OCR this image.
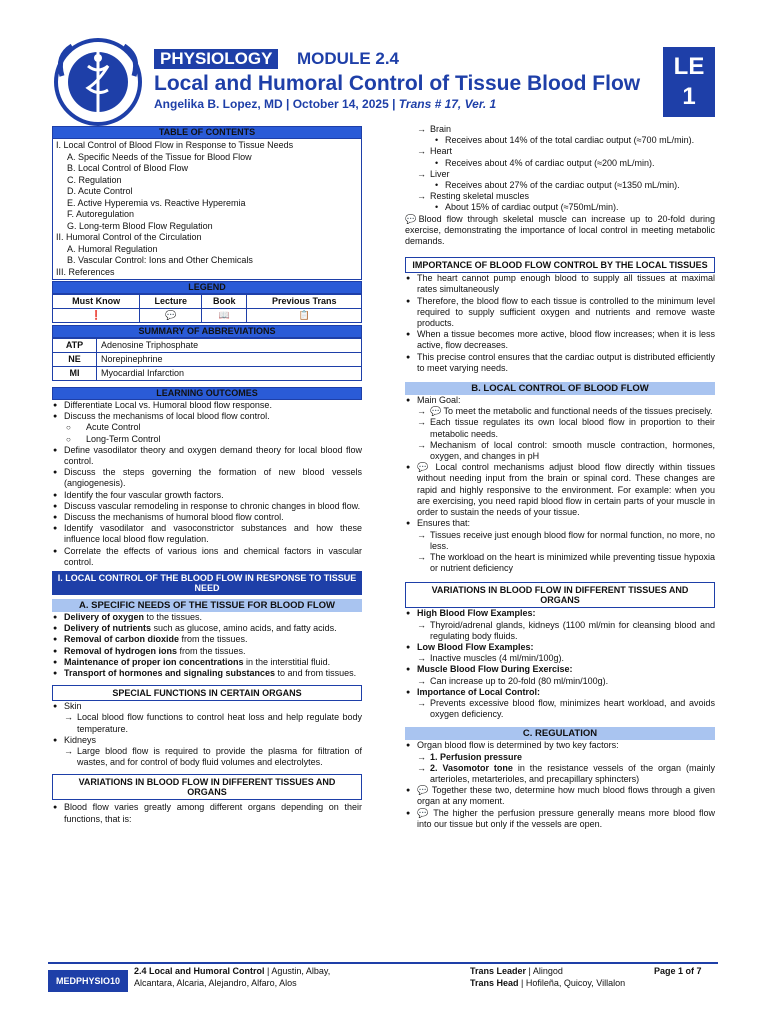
PHYSIOLOGY	MODULE 2.4
Local and Humoral Control of Tissue Blood Flow
Angelika B. Lopez, MD | October 14, 2025 | Trans # 17, Ver. 1
LE
1
TABLE OF CONTENTS
I. Local Control of Blood Flow in Response to Tissue Needs
A. Specific Needs of the Tissue for Blood Flow
B. Local Control of Blood Flow
C. Regulation
D. Acute Control
E. Active Hyperemia vs. Reactive Hyperemia
F. Autoregulation
G. Long-term Blood Flow Regulation
II. Humoral Control of the Circulation
A. Humoral Regulation
B. Vascular Control: Ions and Other Chemicals
III. References
LEGEND
Must Know	Lecture	Book	Previous Trans
❗	💬	📖	📋
SUMMARY OF ABBREVIATIONS
ATP	Adenosine Triphosphate
NE	Norepinephrine
MI	Myocardial Infarction
LEARNING OUTCOMES
● Differentiate Local vs. Humoral blood flow response.
● Discuss the mechanisms of local blood flow control.
○ Acute Control
○ Long-Term Control
● Define vasodilator theory and oxygen demand theory for local blood flow control.
● Discuss the steps governing the formation of new blood vessels (angiogenesis).
● Identify the four vascular growth factors.
● Discuss vascular remodeling in response to chronic changes in blood flow.
● Discuss the mechanisms of humoral blood flow control.
● Identify vasodilator and vasoconstrictor substances and how these influence local blood flow regulation.
● Correlate the effects of various ions and chemical factors in vascular control.
I. LOCAL CONTROL OF THE BLOOD FLOW IN RESPONSE TO TISSUE NEED
A. SPECIFIC NEEDS OF THE TISSUE FOR BLOOD FLOW
● Delivery of oxygen to the tissues.
● Delivery of nutrients such as glucose, amino acids, and fatty acids.
● Removal of carbon dioxide from the tissues.
● Removal of hydrogen ions from the tissues.
● Maintenance of proper ion concentrations in the interstitial fluid.
● Transport of hormones and signaling substances to and from tissues.
SPECIAL FUNCTIONS IN CERTAIN ORGANS
● Skin
→ Local blood flow functions to control heat loss and help regulate body temperature.
● Kidneys
→ Large blood flow is required to provide the plasma for filtration of wastes, and for control of body fluid volumes and electrolytes.
VARIATIONS IN BLOOD FLOW IN DIFFERENT TISSUES AND ORGANS
● Blood flow varies greatly among different organs depending on their functions, that is:
→ Brain
• Receives about 14% of the total cardiac output (≈700 mL/min).
→ Heart
• Receives about 4% of cardiac output (≈200 mL/min).
→ Liver
• Receives about 27% of the cardiac output (≈1350 mL/min).
→ Resting skeletal muscles
• About 15% of cardiac output (≈750mL/min).
💬Blood flow through skeletal muscle can increase up to 20-fold during exercise, demonstrating the importance of local control in meeting metabolic demands.
IMPORTANCE OF BLOOD FLOW CONTROL BY THE LOCAL TISSUES
● The heart cannot pump enough blood to supply all tissues at maximal rates simultaneously
● Therefore, the blood flow to each tissue is controlled to the minimum level required to supply sufficient oxygen and nutrients and remove waste products.
● When a tissue becomes more active, blood flow increases; when it is less active, flow decreases.
● This precise control ensures that the cardiac output is distributed efficiently to meet varying needs.
B. LOCAL CONTROL OF BLOOD FLOW
● Main Goal:
→ 💬 To meet the metabolic and functional needs of the tissues precisely.
→ Each tissue regulates its own local blood flow in proportion to their metabolic needs.
→ Mechanism of local control: smooth muscle contraction, hormones, oxygen, and changes in pH
● 💬 Local control mechanisms adjust blood flow directly within tissues without needing input from the brain or spinal cord. These changes are rapid and highly responsive to the environment. For example: when you are exercising, you need rapid blood flow in certain parts of your muscle in order to sustain the needs of your tissue.
● Ensures that:
→ Tissues receive just enough blood flow for normal function, no more, no less.
→ The workload on the heart is minimized while preventing tissue hypoxia or nutrient deficiency
VARIATIONS IN BLOOD FLOW IN DIFFERENT TISSUES AND ORGANS
● High Blood Flow Examples:
→ Thyroid/adrenal glands, kidneys (1100 ml/min for cleansing blood and regulating body fluids.
● Low Blood Flow Examples:
→ Inactive muscles (4 ml/min/100g).
● Muscle Blood Flow During Exercise:
→ Can increase up to 20-fold (80 ml/min/100g).
● Importance of Local Control:
→ Prevents excessive blood flow, minimizes heart workload, and avoids oxygen deficiency.
C. REGULATION
● Organ blood flow is determined by two key factors:
→ 1. Perfusion pressure
→ 2. Vasomotor tone in the resistance vessels of the organ (mainly arterioles, metarterioles, and precapillary sphincters)
● 💬 Together these two, determine how much blood flows through a given organ at any moment.
● 💬 The higher the perfusion pressure generally means more blood flow into our tissue but only if the vessels are open.
MEDPHYSIO10
2.4 Local and Humoral Control | Agustin, Albay, Alcantara, Alcaria, Alejandro, Alfaro, Alos
Trans Leader | Alingod
Trans Head | Hofileña, Quicoy, Villalon
Page 1 of 7
